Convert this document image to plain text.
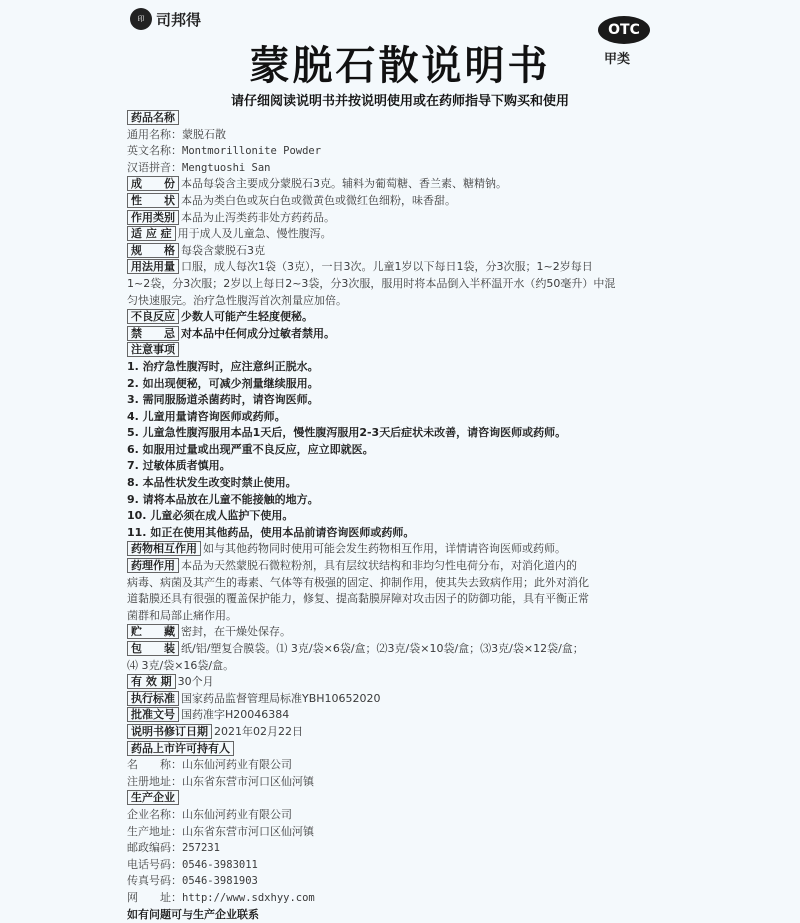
印 司邦得
蒙脱石散说明书
OTC
甲类
请仔细阅读说明书并按说明使用或在药师指导下购买和使用
药品名称
通用名称：蒙脱石散
英文名称：Montmorillonite Powder
汉语拼音：Mengtuoshi San
成　　份 本品每袋含主要成分蒙脱石3克。辅料为葡萄糖、香兰素、糖精钠。
性　　状 本品为类白色或灰白色或微黄色或微红色细粉，味香甜。
作用类别 本品为止泻类药非处方药药品。
适 应 症 用于成人及儿童急、慢性腹泻。
规　　格 每袋含蒙脱石3克
用法用量 口服，成人每次1袋（3克），一日3次。儿童1岁以下每日1袋，分3次服；1~2岁每日
1~2袋，分3次服；2岁以上每日2~3袋，分3次服，服用时将本品倒入半杯温开水（约50毫升）中混
匀快速服完。治疗急性腹泻首次剂量应加倍。
不良反应 少数人可能产生轻度便秘。
禁　　忌 对本品中任何成分过敏者禁用。
注意事项
1. 治疗急性腹泻时，应注意纠正脱水。
2. 如出现便秘，可减少剂量继续服用。
3. 需同服肠道杀菌药时，请咨询医师。
4. 儿童用量请咨询医师或药师。
5. 儿童急性腹泻服用本品1天后，慢性腹泻服用2-3天后症状未改善，请咨询医师或药师。
6. 如服用过量或出现严重不良反应，应立即就医。
7. 过敏体质者慎用。
8. 本品性状发生改变时禁止使用。
9. 请将本品放在儿童不能接触的地方。
10. 儿童必须在成人监护下使用。
11. 如正在使用其他药品，使用本品前请咨询医师或药师。
药物相互作用 如与其他药物同时使用可能会发生药物相互作用，详情请咨询医师或药师。
药理作用 本品为天然蒙脱石微粒粉剂，具有层纹状结构和非均匀性电荷分布，对消化道内的
病毒、病菌及其产生的毒素、气体等有极强的固定、抑制作用，使其失去致病作用；此外对消化
道黏膜还具有很强的覆盖保护能力，修复、提高黏膜屏障对攻击因子的防御功能，具有平衡正常
菌群和局部止痛作用。
贮　　藏 密封，在干燥处保存。
包　　装 纸/铝/塑复合膜袋。⑴ 3克/袋×6袋/盒；⑵3克/袋×10袋/盒；⑶3克/袋×12袋/盒；
⑷ 3克/袋×16袋/盒。
有 效 期 30个月
执行标准 国家药品监督管理局标准YBH10652020
批准文号 国药准字H20046384
说明书修订日期 2021年02月22日
药品上市许可持有人
名　　称：山东仙河药业有限公司
注册地址：山东省东营市河口区仙河镇
生产企业
企业名称：山东仙河药业有限公司
生产地址：山东省东营市河口区仙河镇
邮政编码：257231
电话号码：0546-3983011
传真号码：0546-3981903
网　　址：http://www.sdxhyy.com
如有问题可与生产企业联系
